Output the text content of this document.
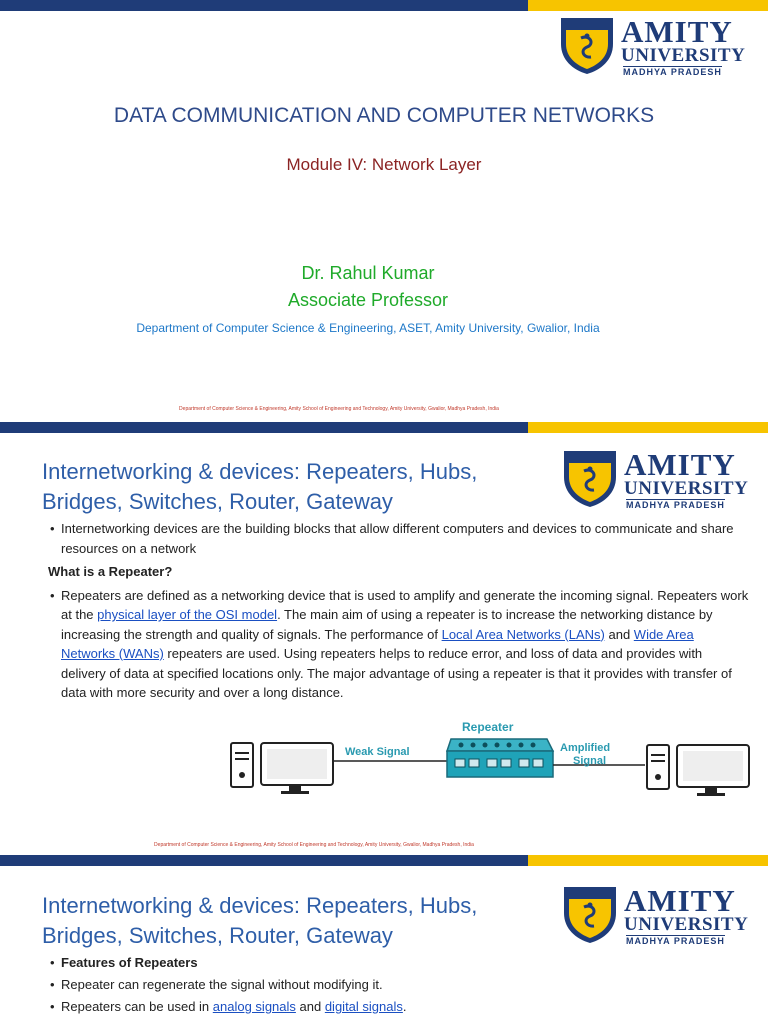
AMITY
UNIVERSITY
MADHYA PRADESH
DATA COMMUNICATION AND COMPUTER NETWORKS
Module IV: Network Layer
Dr. Rahul Kumar
Associate Professor
Department of Computer Science & Engineering, ASET, Amity University, Gwalior, India
Department of Computer Science & Engineering, Amity School of Engineering and Technology, Amity University, Gwalior, Madhya Pradesh, India
AMITY
UNIVERSITY
MADHYA PRADESH
Internetworking & devices: Repeaters, Hubs,
Bridges, Switches, Router, Gateway
• Internetworking devices are the building blocks that allow different computers and devices to communicate and share resources on a network
What is a Repeater?
• Repeaters are defined as a networking device that is used to amplify and generate the incoming signal. Repeaters work at the physical layer of the OSI model. The main aim of using a repeater is to increase the networking distance by increasing the strength and quality of signals. The performance of Local Area Networks (LANs) and Wide Area Networks (WANs) repeaters are used. Using repeaters helps to reduce error, and loss of data and provides with delivery of data at specified locations only. The major advantage of using a repeater is that it provides with transfer of data with more security and over a long distance.
Repeater
Weak Signal	Amplified
Signal
Department of Computer Science & Engineering, Amity School of Engineering and Technology, Amity University, Gwalior, Madhya Pradesh, India
AMITY
UNIVERSITY
MADHYA PRADESH
Internetworking & devices: Repeaters, Hubs,
Bridges, Switches, Router, Gateway
• Features of Repeaters
• Repeater can regenerate the signal without modifying it.
• Repeaters can be used in analog signals and digital signals.
